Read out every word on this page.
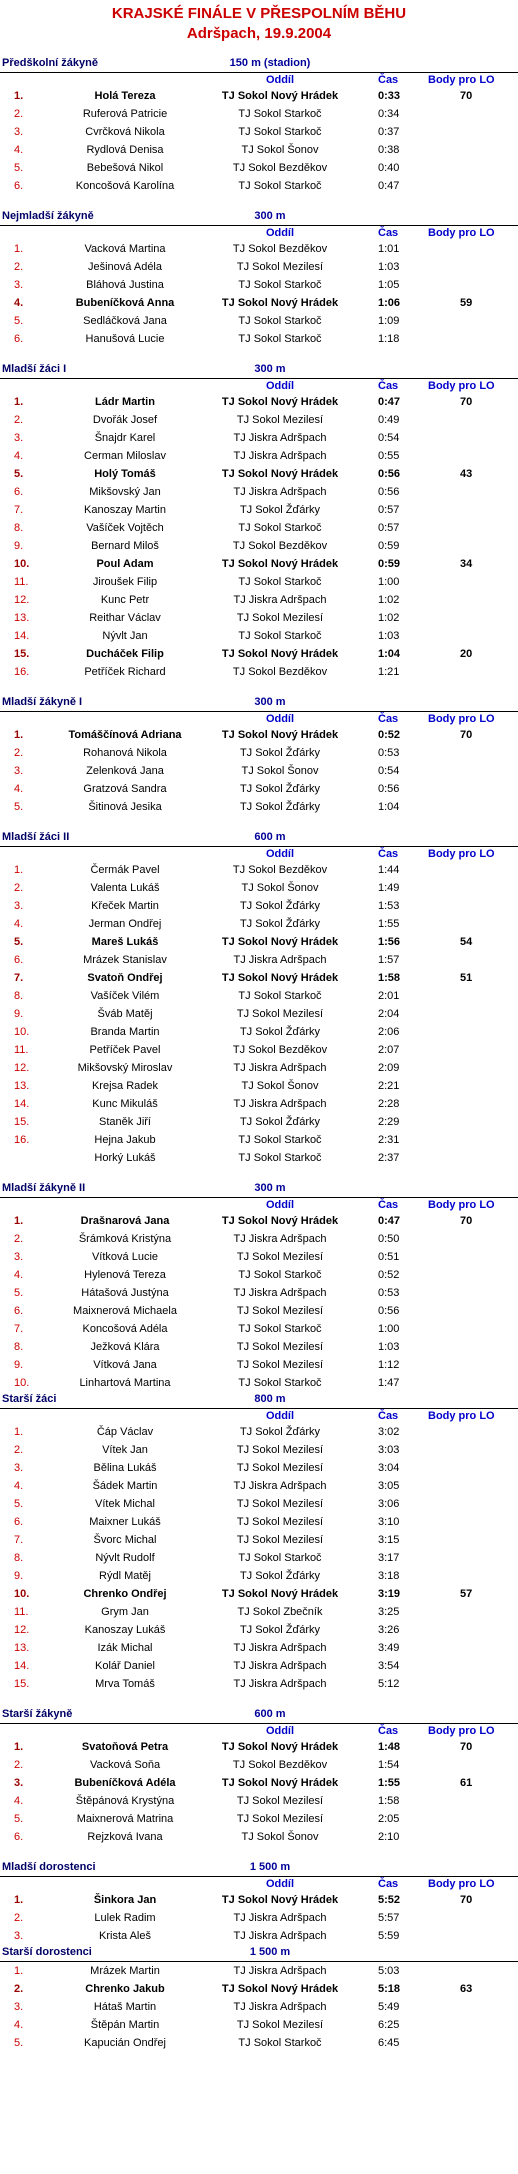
KRAJSKÉ FINÁLE V PŘESPOLNÍM BĚHU
Adršpach, 19.9.2004
Předškolní žákyně	150 m (stadion)
Oddíl	Čas	Body pro LO
1.	Holá Tereza	TJ Sokol Nový Hrádek	0:33	70
2.	Ruferová Patricie	TJ Sokol Starkoč	0:34
3.	Cvrčková Nikola	TJ Sokol Starkoč	0:37
4.	Rydlová Denisa	TJ Sokol Šonov	0:38
5.	Bebešová Nikol	TJ Sokol Bezděkov	0:40
6.	Koncošová Karolína	TJ Sokol Starkoč	0:47
Nejmladší žákyně	300 m
Oddíl	Čas	Body pro LO
1.	Vacková Martina	TJ Sokol Bezděkov	1:01
2.	Ješinová Adéla	TJ Sokol Mezilesí	1:03
3.	Bláhová Justina	TJ Sokol Starkoč	1:05
4.	Bubeníčková Anna	TJ Sokol Nový Hrádek	1:06	59
5.	Sedláčková Jana	TJ Sokol Starkoč	1:09
6.	Hanušová Lucie	TJ Sokol Starkoč	1:18
Mladší žáci I	300 m
Oddíl	Čas	Body pro LO
1.	Ládr Martin	TJ Sokol Nový Hrádek	0:47	70
2.	Dvořák Josef	TJ Sokol Mezilesí	0:49
3.	Šnajdr Karel	TJ Jiskra Adršpach	0:54
4.	Cerman Miloslav	TJ Jiskra Adršpach	0:55
5.	Holý Tomáš	TJ Sokol Nový Hrádek	0:56	43
6.	Mikšovský Jan	TJ Jiskra Adršpach	0:56
7.	Kanoszay Martin	TJ Sokol Žďárky	0:57
8.	Vašíček Vojtěch	TJ Sokol Starkoč	0:57
9.	Bernard Miloš	TJ Sokol Bezděkov	0:59
10.	Poul Adam	TJ Sokol Nový Hrádek	0:59	34
11.	Jiroušek Filip	TJ Sokol Starkoč	1:00
12.	Kunc Petr	TJ Jiskra Adršpach	1:02
13.	Reithar Václav	TJ Sokol Mezilesí	1:02
14.	Nývlt Jan	TJ Sokol Starkoč	1:03
15.	Ducháček Filip	TJ Sokol Nový Hrádek	1:04	20
16.	Petříček Richard	TJ Sokol Bezděkov	1:21
Mladší žákyně I	300 m
Oddíl	Čas	Body pro LO
1.	Tomáščínová Adriana	TJ Sokol Nový Hrádek	0:52	70
2.	Rohanová Nikola	TJ Sokol Žďárky	0:53
3.	Zelenková Jana	TJ Sokol Šonov	0:54
4.	Gratzová Sandra	TJ Sokol Žďárky	0:56
5.	Šitinová Jesika	TJ Sokol Žďárky	1:04
Mladší žáci II	600 m
Oddíl	Čas	Body pro LO
1.	Čermák Pavel	TJ Sokol Bezděkov	1:44
2.	Valenta Lukáš	TJ Sokol Šonov	1:49
3.	Křeček Martin	TJ Sokol Žďárky	1:53
4.	Jerman Ondřej	TJ Sokol Žďárky	1:55
5.	Mareš Lukáš	TJ Sokol Nový Hrádek	1:56	54
6.	Mrázek Stanislav	TJ Jiskra Adršpach	1:57
7.	Svatoň Ondřej	TJ Sokol Nový Hrádek	1:58	51
8.	Vašíček Vilém	TJ Sokol Starkoč	2:01
9.	Šváb Matěj	TJ Sokol Mezilesí	2:04
10.	Branda Martin	TJ Sokol Žďárky	2:06
11.	Petříček Pavel	TJ Sokol Bezděkov	2:07
12.	Mikšovský Miroslav	TJ Jiskra Adršpach	2:09
13.	Krejsa Radek	TJ Sokol Šonov	2:21
14.	Kunc Mikuláš	TJ Jiskra Adršpach	2:28
15.	Staněk Jiří	TJ Sokol Žďárky	2:29
16.	Hejna Jakub	TJ Sokol Starkoč	2:31
Horký Lukáš	TJ Sokol Starkoč	2:37
Mladší žákyně II	300 m
Oddíl	Čas	Body pro LO
1.	Drašnarová Jana	TJ Sokol Nový Hrádek	0:47	70
2.	Šrámková Kristýna	TJ Jiskra Adršpach	0:50
3.	Vítková Lucie	TJ Sokol Mezilesí	0:51
4.	Hylenová Tereza	TJ Sokol Starkoč	0:52
5.	Hátašová Justýna	TJ Jiskra Adršpach	0:53
6.	Maixnerová Michaela	TJ Sokol Mezilesí	0:56
7.	Koncošová Adéla	TJ Sokol Starkoč	1:00
8.	Ježková Klára	TJ Sokol Mezilesí	1:03
9.	Vítková Jana	TJ Sokol Mezilesí	1:12
10.	Linhartová Martina	TJ Sokol Starkoč	1:47
Starší žáci	800 m
Oddíl	Čas	Body pro LO
1.	Čáp Václav	TJ Sokol Žďárky	3:02
2.	Vítek Jan	TJ Sokol Mezilesí	3:03
3.	Bělina Lukáš	TJ Sokol Mezilesí	3:04
4.	Šádek Martin	TJ Jiskra Adršpach	3:05
5.	Vítek Michal	TJ Sokol Mezilesí	3:06
6.	Maixner Lukáš	TJ Sokol Mezilesí	3:10
7.	Švorc Michal	TJ Sokol Mezilesí	3:15
8.	Nývlt Rudolf	TJ Sokol Starkoč	3:17
9.	Rýdl Matěj	TJ Sokol Žďárky	3:18
10.	Chrenko Ondřej	TJ Sokol Nový Hrádek	3:19	57
11.	Grym Jan	TJ Sokol Zbečník	3:25
12.	Kanoszay Lukáš	TJ Sokol Žďárky	3:26
13.	Izák Michal	TJ Jiskra Adršpach	3:49
14.	Kolář Daniel	TJ Jiskra Adršpach	3:54
15.	Mrva Tomáš	TJ Jiskra Adršpach	5:12
Starší žákyně	600 m
Oddíl	Čas	Body pro LO
1.	Svatoňová Petra	TJ Sokol Nový Hrádek	1:48	70
2.	Vacková Soňa	TJ Sokol Bezděkov	1:54
3.	Bubeníčková Adéla	TJ Sokol Nový Hrádek	1:55	61
4.	Štěpánová Krystýna	TJ Sokol Mezilesí	1:58
5.	Maixnerová Matrina	TJ Sokol Mezilesí	2:05
6.	Rejzková Ivana	TJ Sokol Šonov	2:10
Mladší dorostenci	1 500 m
Oddíl	Čas	Body pro LO
1.	Šinkora Jan	TJ Sokol Nový Hrádek	5:52	70
2.	Lulek Radim	TJ Jiskra Adršpach	5:57
3.	Krista Aleš	TJ Jiskra Adršpach	5:59
Starší dorostenci	1 500 m
1.	Mrázek Martin	TJ Jiskra Adršpach	5:03
2.	Chrenko Jakub	TJ Sokol Nový Hrádek	5:18	63
3.	Hátaš Martin	TJ Jiskra Adršpach	5:49
4.	Štěpán Martin	TJ Sokol Mezilesí	6:25
5.	Kapucián Ondřej	TJ Sokol Starkoč	6:45
